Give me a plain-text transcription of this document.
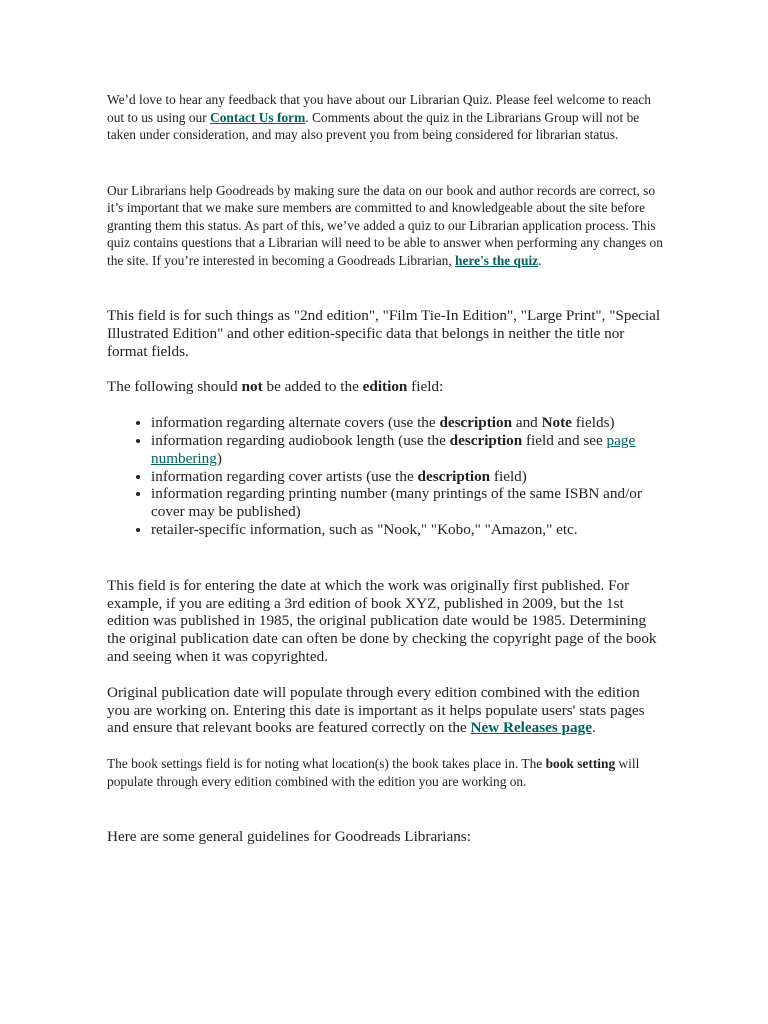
We’d love to hear any feedback that you have about our Librarian Quiz. Please feel welcome to reach out to us using our Contact Us form. Comments about the quiz in the Librarians Group will not be taken under consideration, and may also prevent you from being considered for librarian status.

Our Librarians help Goodreads by making sure the data on our book and author records are correct, so it’s important that we make sure members are committed to and knowledgeable about the site before granting them this status. As part of this, we’ve added a quiz to our Librarian application process. This quiz contains questions that a Librarian will need to be able to answer when performing any changes on the site. If you’re interested in becoming a Goodreads Librarian, here's the quiz.

This field is for such things as "2nd edition", "Film Tie-In Edition", "Large Print", "Special Illustrated Edition" and other edition-specific data that belongs in neither the title nor format fields.

The following should not be added to the edition field:

• information regarding alternate covers (use the description and Note fields)
• information regarding audiobook length (use the description field and see page numbering)
• information regarding cover artists (use the description field)
• information regarding printing number (many printings of the same ISBN and/or cover may be published)
• retailer-specific information, such as "Nook," "Kobo," "Amazon," etc.

This field is for entering the date at which the work was originally first published. For example, if you are editing a 3rd edition of book XYZ, published in 2009, but the 1st edition was published in 1985, the original publication date would be 1985. Determining the original publication date can often be done by checking the copyright page of the book and seeing when it was copyrighted.

Original publication date will populate through every edition combined with the edition you are working on. Entering this date is important as it helps populate users' stats pages and ensure that relevant books are featured correctly on the New Releases page.

The book settings field is for noting what location(s) the book takes place in. The book setting will populate through every edition combined with the edition you are working on.

Here are some general guidelines for Goodreads Librarians:
